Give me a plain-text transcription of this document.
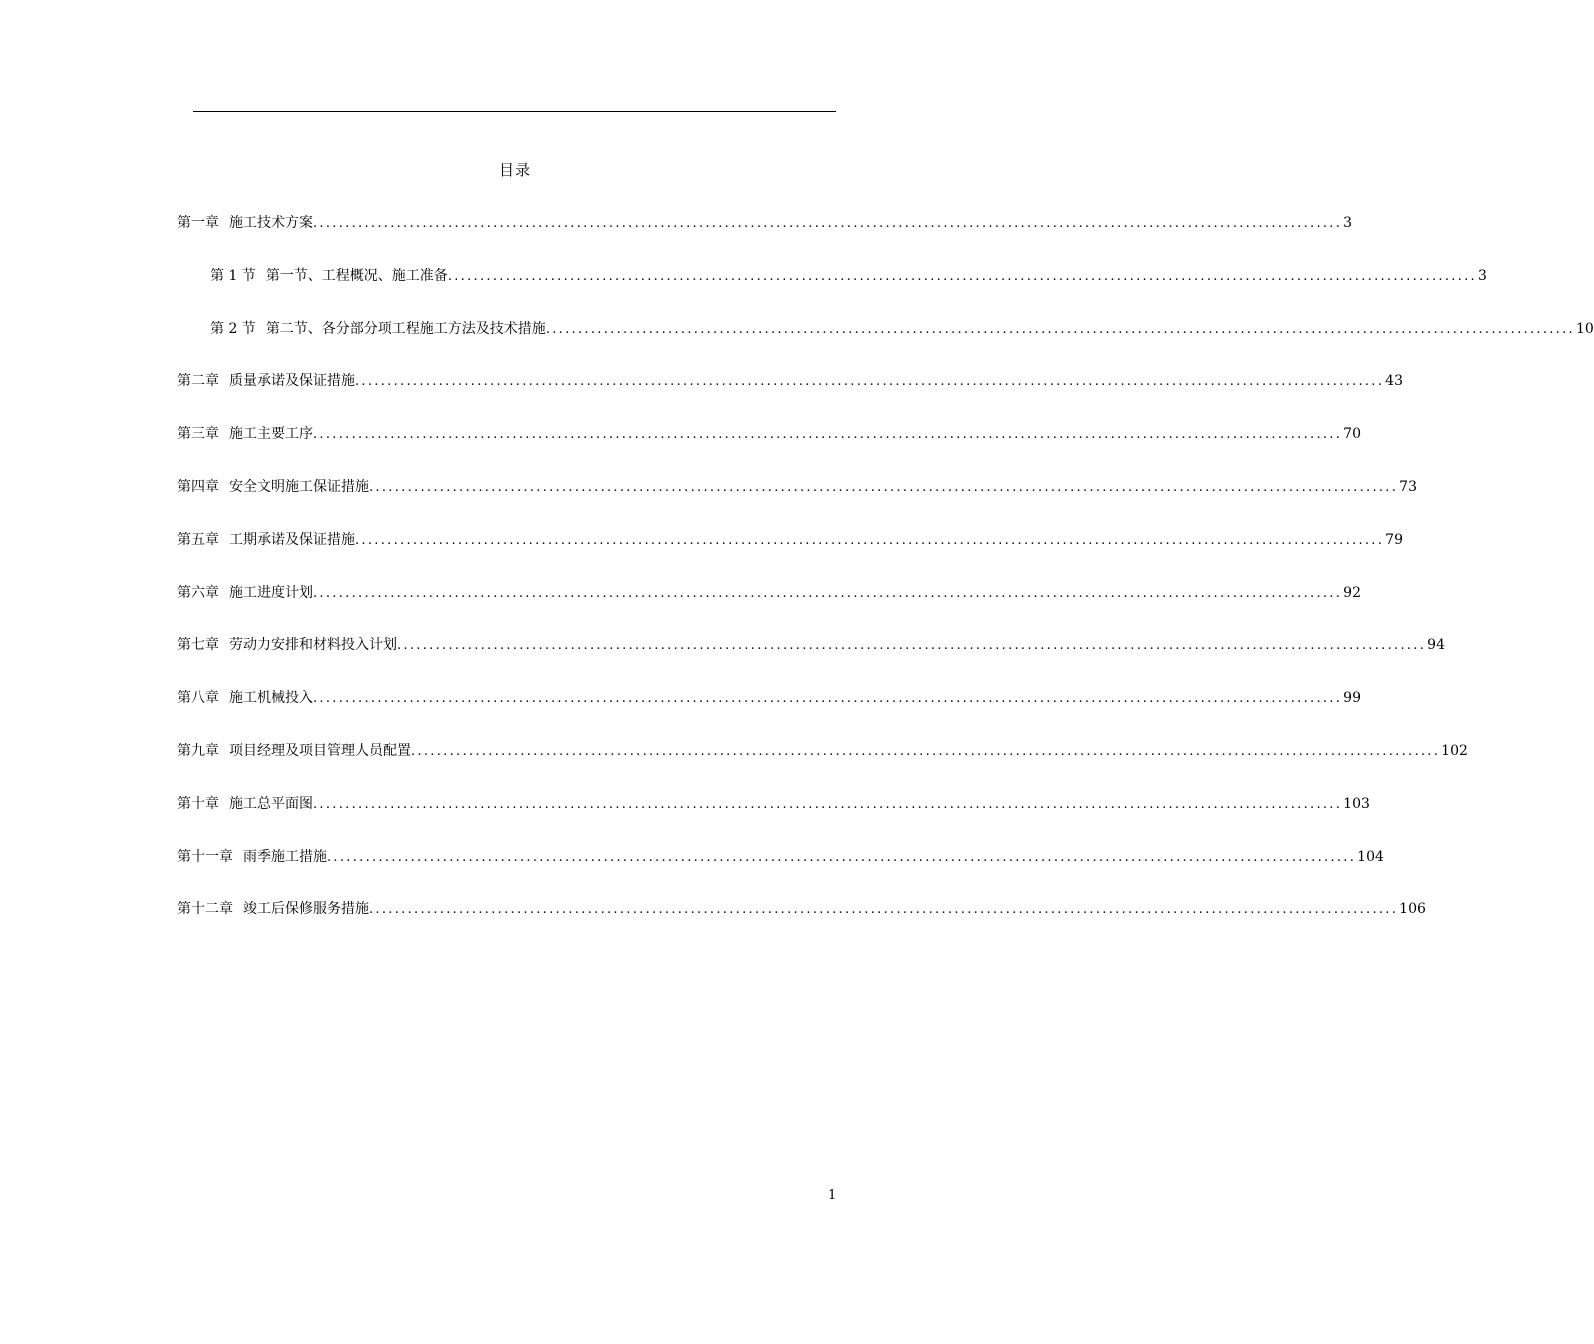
目录
第一章 施工技术方案 ................................................................................................................................................................ 3
第 1 节 第一节、工程概况、施工准备 ................................................................................................................................................................ 3
第 2 节 第二节、各分部分项工程施工方法及技术措施 ................................................................................................................................................................ 10
第二章 质量承诺及保证措施 ................................................................................................................................................................ 43
第三章 施工主要工序 ................................................................................................................................................................ 70
第四章 安全文明施工保证措施 ................................................................................................................................................................ 73
第五章 工期承诺及保证措施 ................................................................................................................................................................ 79
第六章 施工进度计划 ................................................................................................................................................................ 92
第七章 劳动力安排和材料投入计划 ................................................................................................................................................................ 94
第八章 施工机械投入 ................................................................................................................................................................ 99
第九章 项目经理及项目管理人员配置 ................................................................................................................................................................ 102
第十章 施工总平面图 ................................................................................................................................................................ 103
第十一章 雨季施工措施 ................................................................................................................................................................ 104
第十二章 竣工后保修服务措施 ................................................................................................................................................................ 106
1
